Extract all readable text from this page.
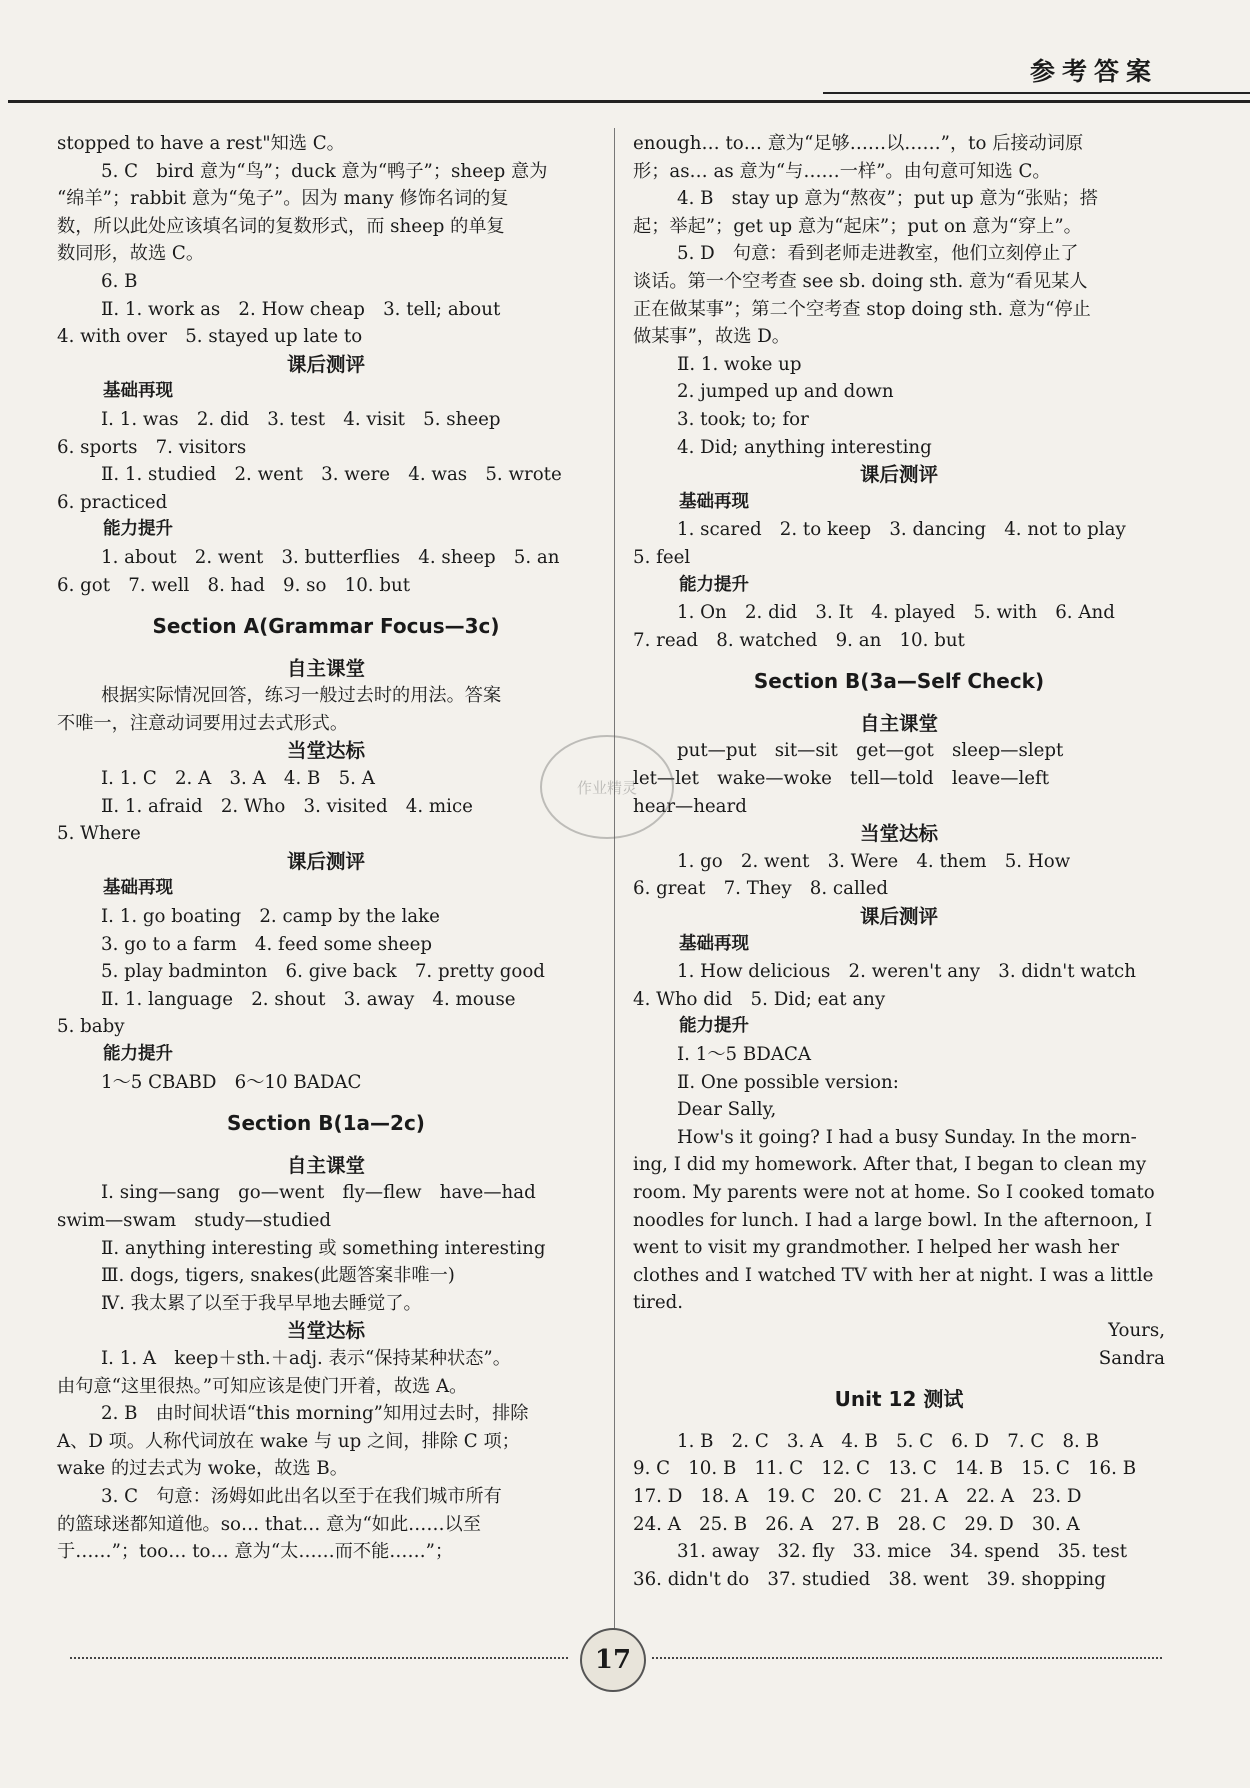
参考答案

stopped to have a rest"知选 C。

5. C　bird 意为“鸟”；duck 意为“鸭子”；sheep 意为

“绵羊”；rabbit 意为“兔子”。因为 many 修饰名词的复

数，所以此处应该填名词的复数形式，而 sheep 的单复

数同形，故选 C。

6. B

Ⅱ. 1. work as　2. How cheap　3. tell; about

4. with over　5. stayed up late to

课后测评

基础再现

Ⅰ. 1. was　2. did　3. test　4. visit　5. sheep

6. sports　7. visitors

Ⅱ. 1. studied　2. went　3. were　4. was　5. wrote

6. practiced

能力提升

1. about　2. went　3. butterflies　4. sheep　5. an

6. got　7. well　8. had　9. so　10. but

Section A(Grammar Focus—3c)

自主课堂

根据实际情况回答，练习一般过去时的用法。答案

不唯一，注意动词要用过去式形式。

当堂达标

Ⅰ. 1. C　2. A　3. A　4. B　5. A

Ⅱ. 1. afraid　2. Who　3. visited　4. mice

5. Where

课后测评

基础再现

Ⅰ. 1. go boating　2. camp by the lake

3. go to a farm　4. feed some sheep

5. play badminton　6. give back　7. pretty good

Ⅱ. 1. language　2. shout　3. away　4. mouse

5. baby

能力提升

1～5 CBABD　6～10 BADAC

Section B(1a—2c)

自主课堂

Ⅰ. sing—sang　go—went　fly—flew　have—had

swim—swam　study—studied

Ⅱ. anything interesting 或 something interesting

Ⅲ. dogs, tigers, snakes(此题答案非唯一)

Ⅳ. 我太累了以至于我早早地去睡觉了。

当堂达标

Ⅰ. 1. A　keep＋sth.＋adj. 表示“保持某种状态”。

由句意“这里很热。”可知应该是使门开着，故选 A。

2. B　由时间状语“this morning”知用过去时，排除

A、D 项。人称代词放在 wake 与 up 之间，排除 C 项；

wake 的过去式为 woke，故选 B。

3. C　句意：汤姆如此出名以至于在我们城市所有

的篮球迷都知道他。so… that… 意为“如此……以至

于……”；too… to… 意为“太……而不能……”；

enough… to… 意为“足够……以……”，to 后接动词原

形；as… as 意为“与……一样”。由句意可知选 C。

4. B　stay up 意为“熬夜”；put up 意为“张贴；搭

起；举起”；get up 意为“起床”；put on 意为“穿上”。

5. D　句意：看到老师走进教室，他们立刻停止了

谈话。第一个空考查 see sb. doing sth. 意为“看见某人

正在做某事”；第二个空考查 stop doing sth. 意为“停止

做某事”，故选 D。

Ⅱ. 1. woke up

2. jumped up and down

3. took; to; for

4. Did; anything interesting

课后测评

基础再现

1. scared　2. to keep　3. dancing　4. not to play

5. feel

能力提升

1. On　2. did　3. It　4. played　5. with　6. And

7. read　8. watched　9. an　10. but

Section B(3a—Self Check)

自主课堂

put—put　sit—sit　get—got　sleep—slept

let—let　wake—woke　tell—told　leave—left

hear—heard

当堂达标

1. go　2. went　3. Were　4. them　5. How

6. great　7. They　8. called

课后测评

基础再现

1. How delicious　2. weren't any　3. didn't watch

4. Who did　5. Did; eat any

能力提升

Ⅰ. 1～5 BDACA

Ⅱ. One possible version:

Dear Sally,

How's it going? I had a busy Sunday. In the morn-

ing, I did my homework. After that, I began to clean my

room. My parents were not at home. So I cooked tomato

noodles for lunch. I had a large bowl. In the afternoon, I

went to visit my grandmother. I helped her wash her

clothes and I watched TV with her at night. I was a little

tired.

Yours,

Sandra

Unit 12 测试

1. B　2. C　3. A　4. B　5. C　6. D　7. C　8. B

9. C　10. B　11. C　12. C　13. C　14. B　15. C　16. B

17. D　18. A　19. C　20. C　21. A　22. A　23. D

24. A　25. B　26. A　27. B　28. C　29. D　30. A

31. away　32. fly　33. mice　34. spend　35. test

36. didn't do　37. studied　38. went　39. shopping

作业精灵
17
